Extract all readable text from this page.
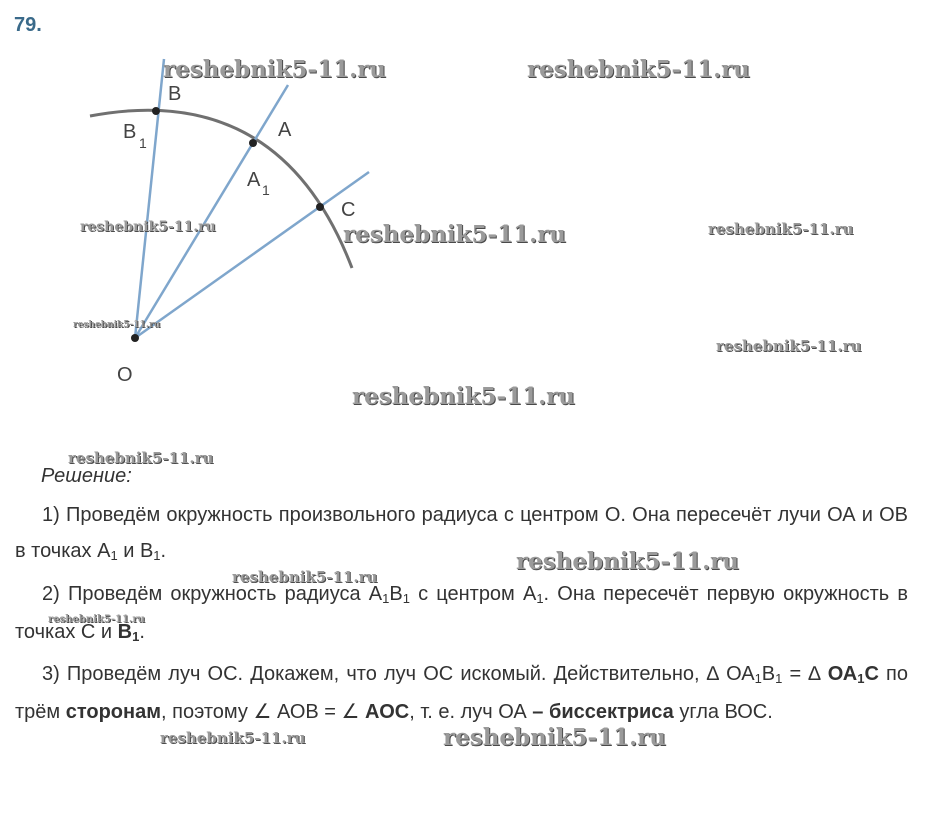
79.
B
B 1
A
A 1
C
O
reshebnik5-11.ru	reshebnik5-11.ru
reshebnik5-11.ru	reshebnik5-11.ru	reshebnik5-11.ru
reshebnik5-11.ru
reshebnik5-11.ru
reshebnik5-11.ru
reshebnik5-11.ru
reshebnik5-11.ru
reshebnik5-11.ru
reshebnik5-11.ru
reshebnik5-11.ru	reshebnik5-11.ru
Решение:

1) Проведём окружность произвольного радиуса с центром О. Она пересечёт лучи ОА и ОВ в точках $А_1$ и $В_1$.

2) Проведём окружность радиуса $А_1В_1$ с центром $А_1$. Она пересечёт первую окружность в точках С и $В_1$.

3) Проведём луч ОС. Докажем, что луч ОС искомый. Действительно, ∆ $ОА_1В_1$ = ∆ $ОА_1С$ по трём сторонам, поэтому ∠ АОВ = ∠ АОС, т. е. луч ОА – биссектриса угла ВОС.
